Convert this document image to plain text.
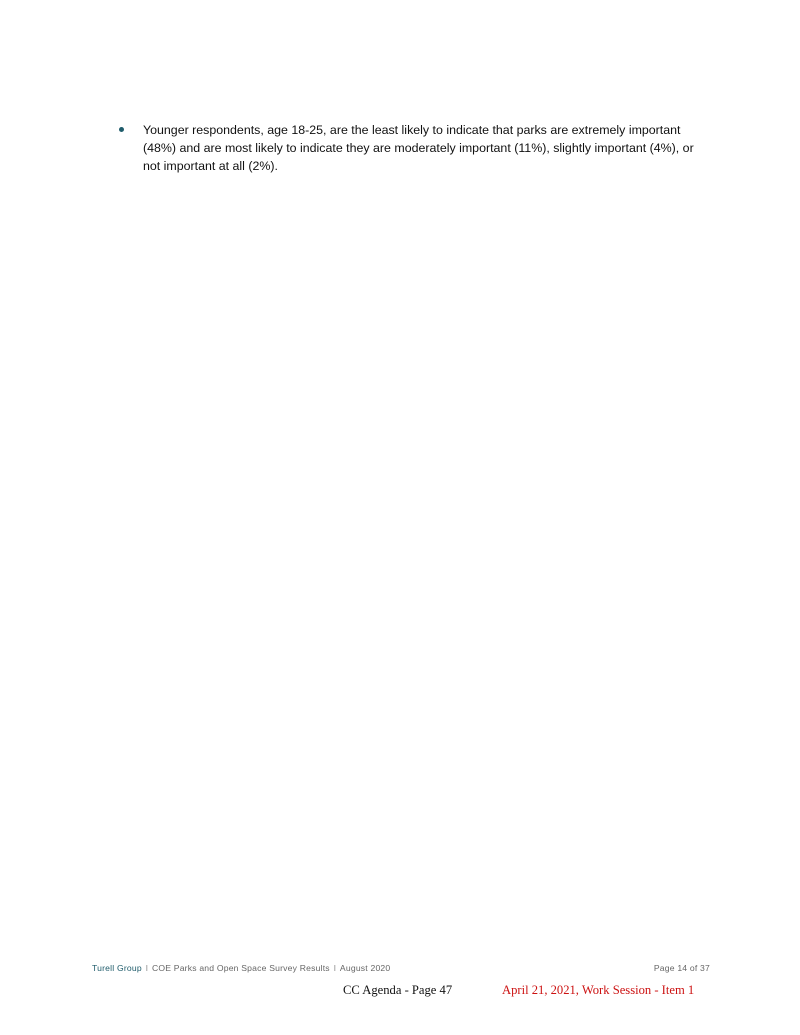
Younger respondents, age 18-25, are the least likely to indicate that parks are extremely important (48%) and are most likely to indicate they are moderately important (11%), slightly important (4%), or not important at all (2%).
Turell Group l COE Parks and Open Space Survey Results l August 2020	Page 14 of 37
CC Agenda - Page 47	April 21, 2021, Work Session - Item 1
